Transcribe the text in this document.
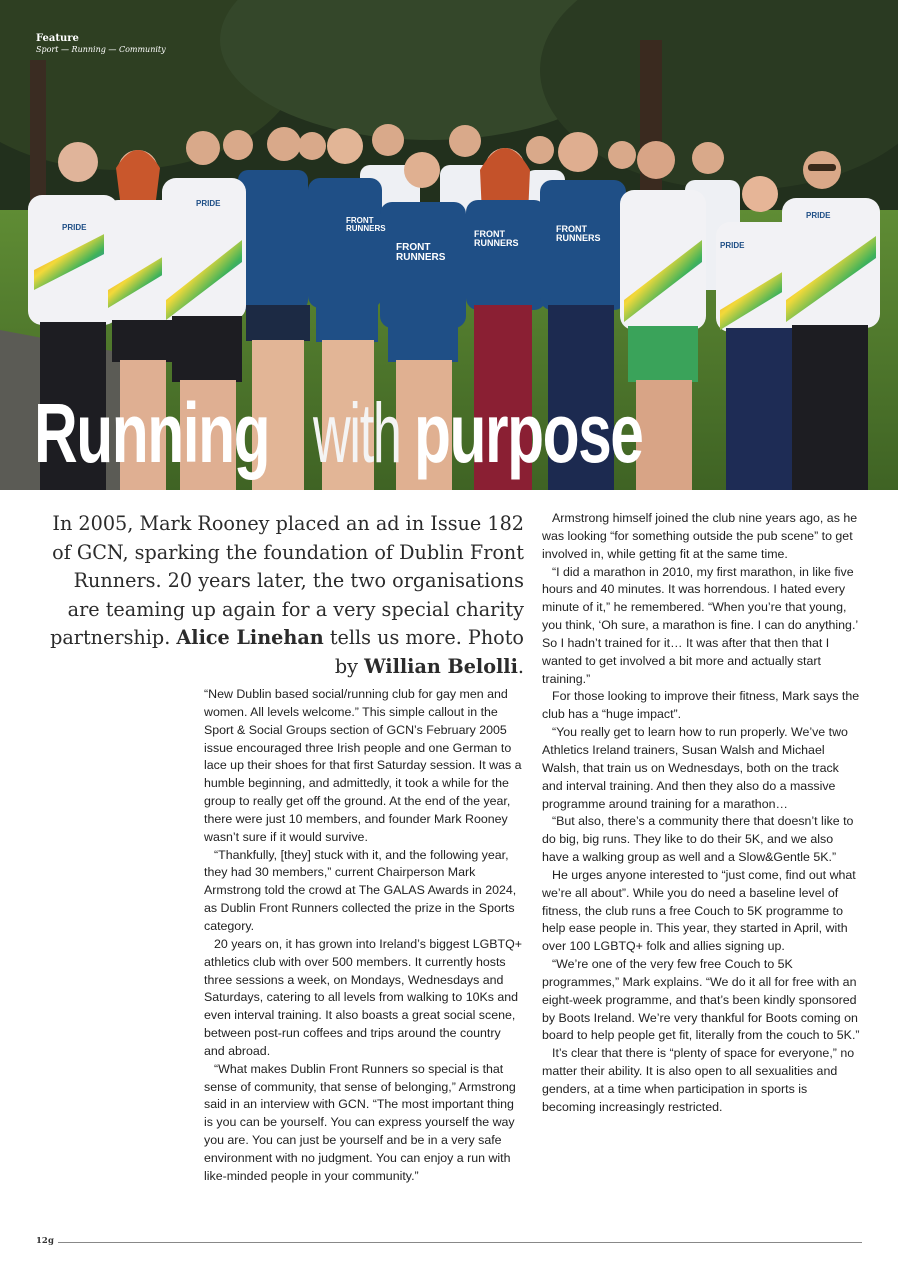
FRONT
RUNNERS
FRONT
RUNNERS
FRONT
RUNNERS
FRONT
RUNNERS
PRIDE
PRIDE
PRIDE
PRIDE
Feature
Sport — Running — Community
Running with purpose
In 2005, Mark Rooney placed an ad in Issue 182 of GCN, sparking the foundation of Dublin Front Runners. 20 years later, the two organisations are teaming up again for a very special charity partnership. Alice Linehan tells us more. Photo by Willian Belolli.

“New Dublin based social/running club for gay men and women. All levels welcome.” This simple callout in the Sport & Social Groups section of GCN’s February 2005 issue encouraged three Irish people and one German to lace up their shoes for that first Saturday session. It was a humble beginning, and admittedly, it took a while for the group to really get off the ground. At the end of the year, there were just 10 members, and founder Mark Rooney wasn’t sure if it would survive.

“Thankfully, [they] stuck with it, and the following year, they had 30 members,” current Chairperson Mark Armstrong told the crowd at The GALAS Awards in 2024, as Dublin Front Runners collected the prize in the Sports category.

20 years on, it has grown into Ireland’s biggest LGBTQ+ athletics club with over 500 members. It currently hosts three sessions a week, on Mondays, Wednesdays and Saturdays, catering to all levels from walking to 10Ks and even interval training. It also boasts a great social scene, between post-run coffees and trips around the country and abroad.

“What makes Dublin Front Runners so special is that sense of community, that sense of belonging,” Armstrong said in an interview with GCN. “The most important thing is you can be yourself. You can express yourself the way you are. You can just be yourself and be in a very safe environment with no judgment. You can enjoy a run with like-minded people in your community.”

Armstrong himself joined the club nine years ago, as he was looking “for something outside the pub scene” to get involved in, while getting fit at the same time.

“I did a marathon in 2010, my first marathon, in like five hours and 40 minutes. It was horrendous. I hated every minute of it,” he remembered. “When you’re that young, you think, ‘Oh sure, a marathon is fine. I can do anything.’ So I hadn’t trained for it… It was after that then that I wanted to get involved a bit more and actually start training.”

For those looking to improve their fitness, Mark says the club has a “huge impact”.

“You really get to learn how to run properly. We’ve two Athletics Ireland trainers, Susan Walsh and Michael Walsh, that train us on Wednesdays, both on the track and interval training. And then they also do a massive programme around training for a marathon…

“But also, there’s a community there that doesn’t like to do big, big runs. They like to do their 5K, and we also have a walking group as well and a Slow&Gentle 5K.”

He urges anyone interested to “just come, find out what we’re all about”. While you do need a baseline level of fitness, the club runs a free Couch to 5K programme to help ease people in. This year, they started in April, with over 100 LGBTQ+ folk and allies signing up.

“We’re one of the very few free Couch to 5K programmes,” Mark explains. “We do it all for free with an eight-week programme, and that’s been kindly sponsored by Boots Ireland. We’re very thankful for Boots coming on board to help people get fit, literally from the couch to 5K.”

It’s clear that there is “plenty of space for everyone,” no matter their ability. It is also open to all sexualities and genders, at a time when participation in sports is becoming increasingly restricted.

12 g
